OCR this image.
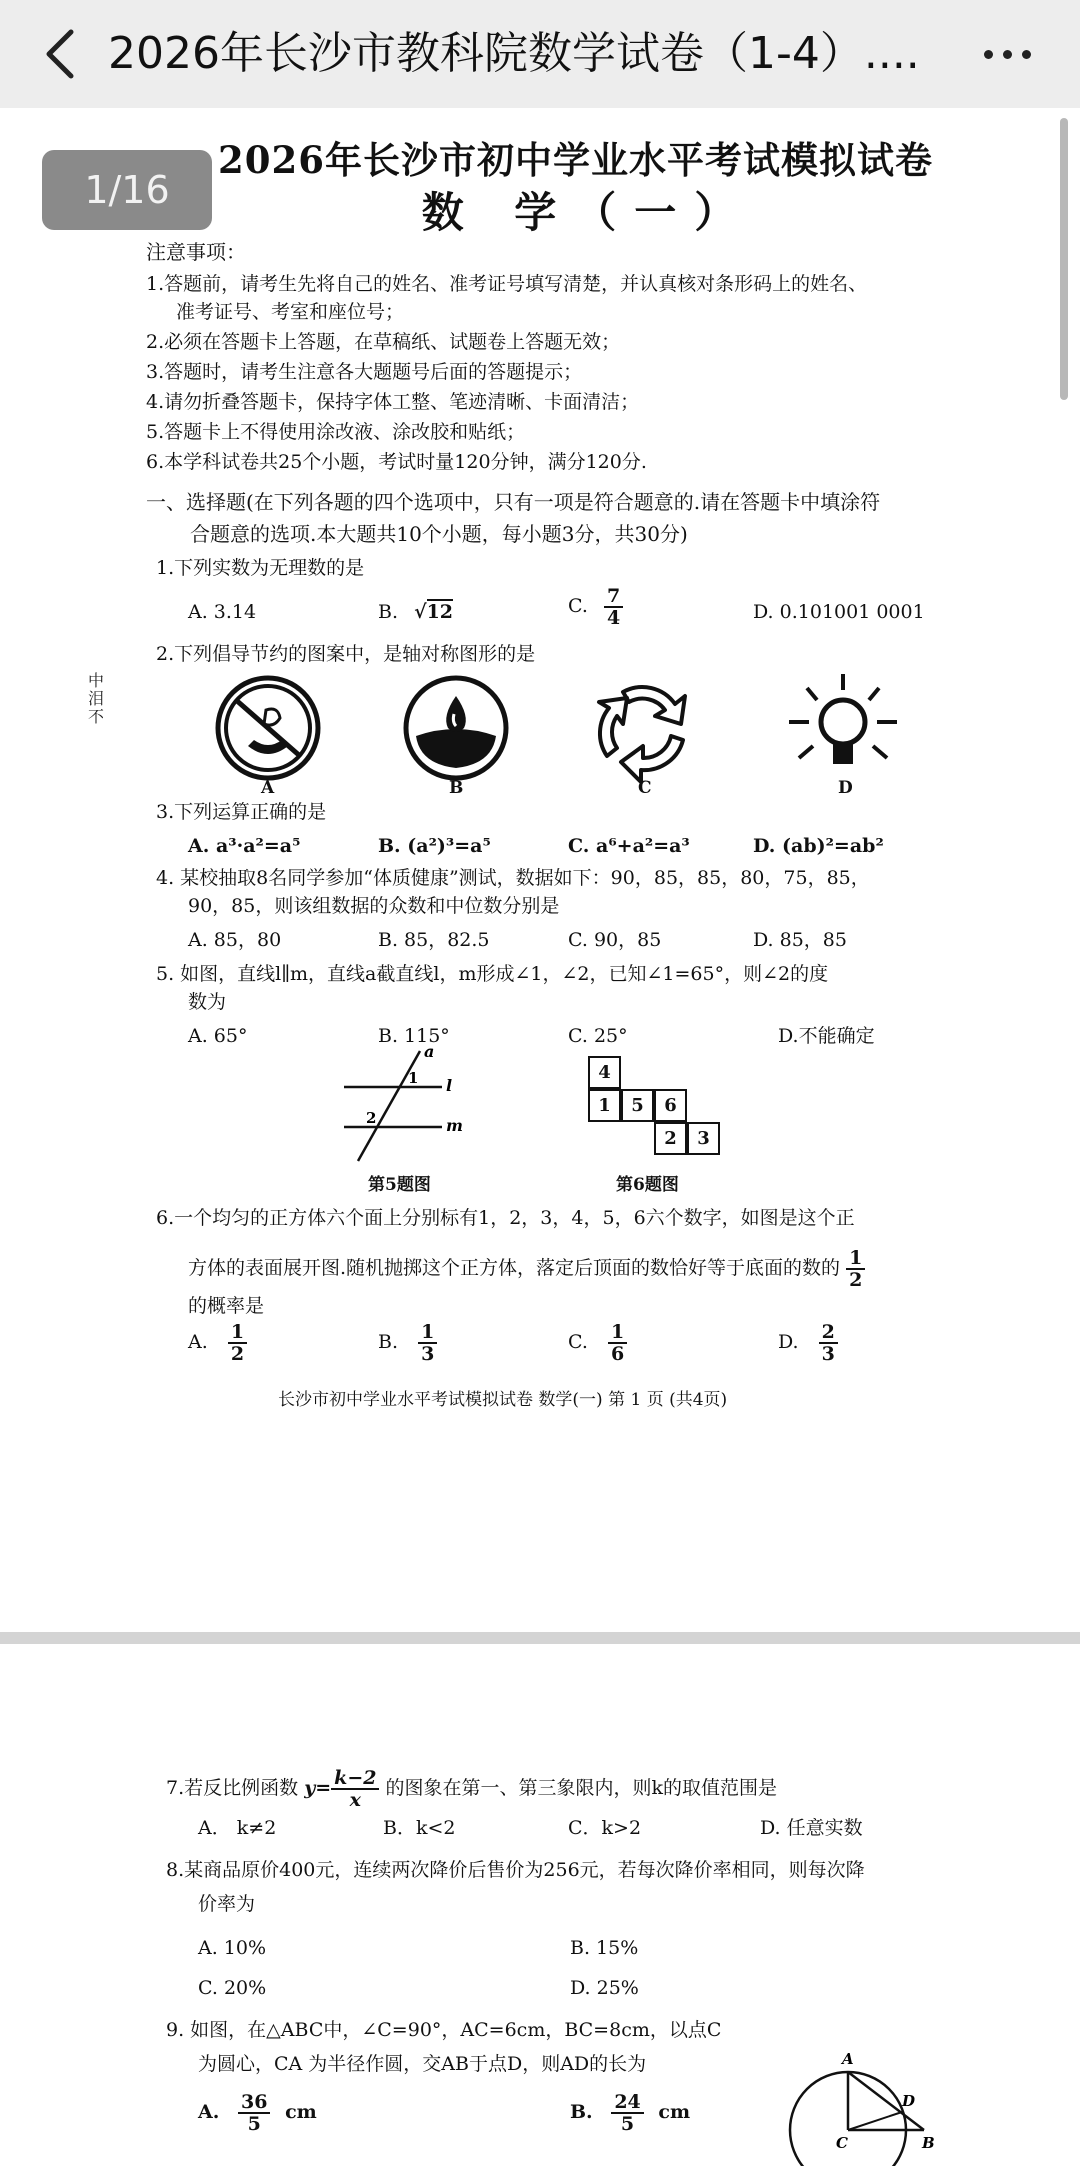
2026年长沙市教科院数学试卷（1-4）....
2026年长沙市初中学业水平考试模拟试卷
数 学（一）
注意事项：
1.答题前，请考生先将自己的姓名、准考证号填写清楚，并认真核对条形码上的姓名、
准考证号、考室和座位号；
2.必须在答题卡上答题，在草稿纸、试题卷上答题无效；
3.答题时，请考生注意各大题题号后面的答题提示；
4.请勿折叠答题卡，保持字体工整、笔迹清晰、卡面清洁；
5.答题卡上不得使用涂改液、涂改胶和贴纸；
6.本学科试卷共25个小题，考试时量120分钟，满分120分.
一、选择题(在下列各题的四个选项中，只有一项是符合题意的.请在答题卡中填涂符
合题意的选项.本大题共10个小题，每小题3分，共30分)
1.下列实数为无理数的是
A. 3.14	B. √12	C. $\frac{7}{4}$	D. 0.101001 0001
2.下列倡导节约的图案中，是轴对称图形的是
A	B	C	D
3.下列运算正确的是
A. a³·a²=a⁵	B. (a²)³=a⁵	C. a⁶+a²=a³	D. (ab)²=ab²
4. 某校抽取8名同学参加“体质健康”测试，数据如下：90，85，85，80，75，85，
90，85，则该组数据的众数和中位数分别是
A. 85，80	B. 85，82.5	C. 90，85	D. 85，85
5. 如图，直线l∥m，直线a截直线l，m形成∠1，∠2，已知∠1=65°，则∠2的度
数为
A. 65°	B. 115°	C. 25°	D.不能确定
a
l
m
1
2
第5题图
4
1	5	6
2	3
第6题图
6.一个均匀的正方体六个面上分别标有1，2，3，4，5，6六个数字，如图是这个正
方体的表面展开图.随机抛掷这个正方体，落定后顶面的数恰好等于底面的数的 $\frac{1}{2}$
的概率是
A. $\frac{1}{2}$	B. $\frac{1}{3}$	C. $\frac{1}{6}$	D. $\frac{2}{3}$
长沙市初中学业水平考试模拟试卷 数学(一) 第 1 页 (共4页)
中泪不
7.若反比例函数 $y= \frac{k-2}{x}$ 的图象在第一、第三象限内，则k的取值范围是
A． k≠2	B．k<2	C．k>2	D. 任意实数
8.某商品原价400元，连续两次降价后售价为256元，若每次降价率相同，则每次降
价率为
A. 10%	B. 15%
C. 20%	D. 25%
9. 如图，在△ABC中，∠C=90°，AC=6cm，BC=8cm，以点C
为圆心，CA 为半径作圆，交AB于点D，则AD的长为
A. $\frac{36}{5}$ cm	B. $\frac{24}{5}$ cm
A
D
B
C
1/16
